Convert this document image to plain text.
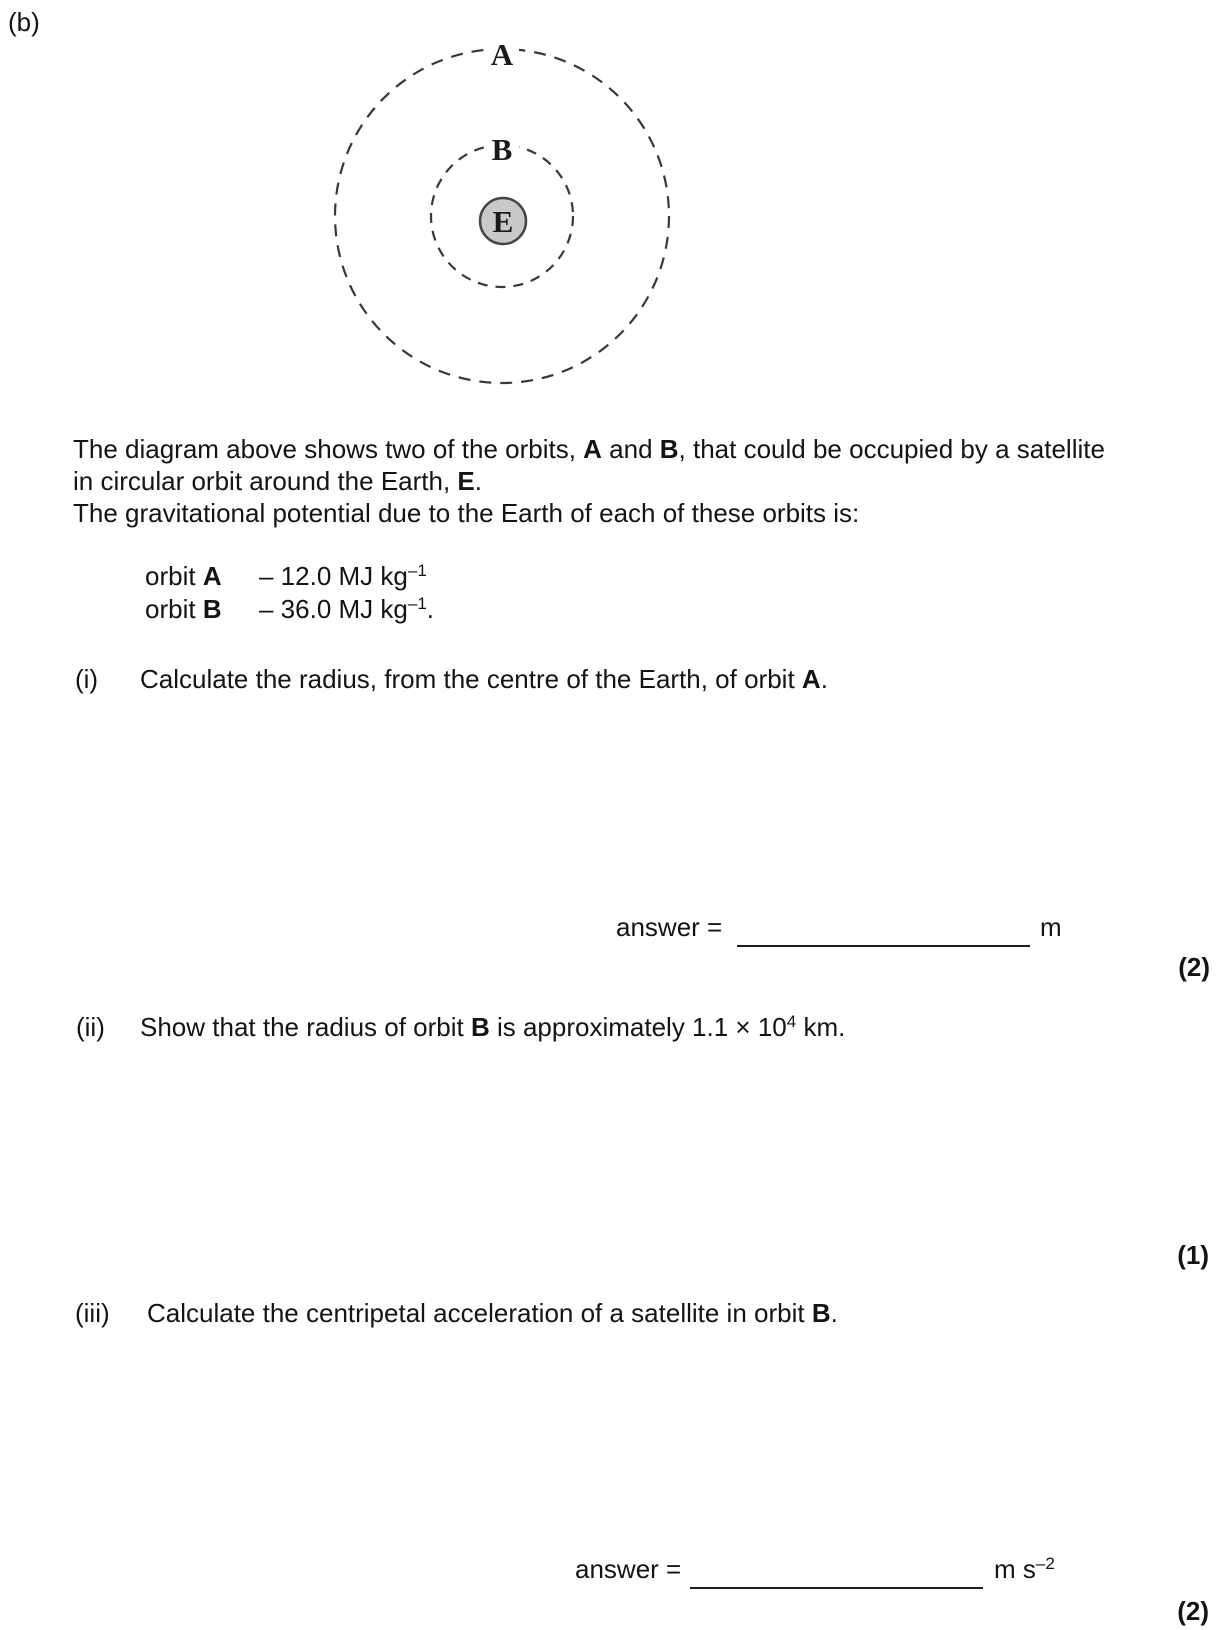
(b)
A
B
E
The diagram above shows two of the orbits, A and B, that could be occupied by a satellite
in circular orbit around the Earth, E.
The gravitational potential due to the Earth of each of these orbits is:
orbit A – 12.0 MJ $kg^{-1}$
orbit B – 36.0 MJ $kg^{-1}$.
(i) Calculate the radius, from the centre of the Earth, of orbit A.
answer =	m
(2)
(ii) Show that the radius of orbit B is approximately $1.1 \times 10^4$ km.
(1)
(iii) Calculate the centripetal acceleration of a satellite in orbit B.
answer =	m $s^{-2}$
(2)
